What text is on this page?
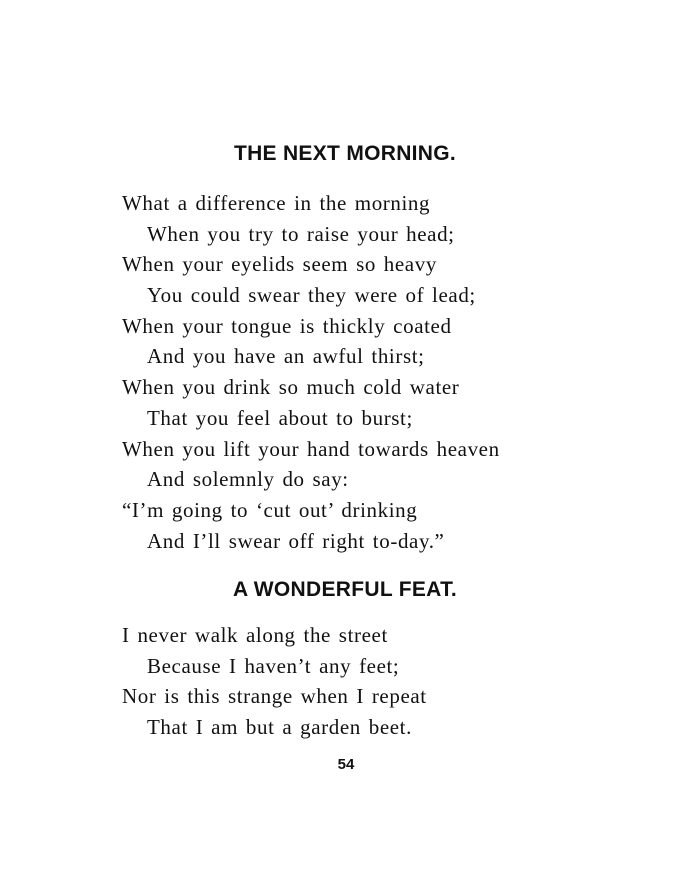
THE NEXT MORNING.
What a difference in the morning
When you try to raise your head;
When your eyelids seem so heavy
You could swear they were of lead;
When your tongue is thickly coated
And you have an awful thirst;
When you drink so much cold water
That you feel about to burst;
When you lift your hand towards heaven
And solemnly do say:
“I’m going to ‘cut out’ drinking
And I’ll swear off right to-day.”
A WONDERFUL FEAT.
I never walk along the street
Because I haven’t any feet;
Nor is this strange when I repeat
That I am but a garden beet.
54
